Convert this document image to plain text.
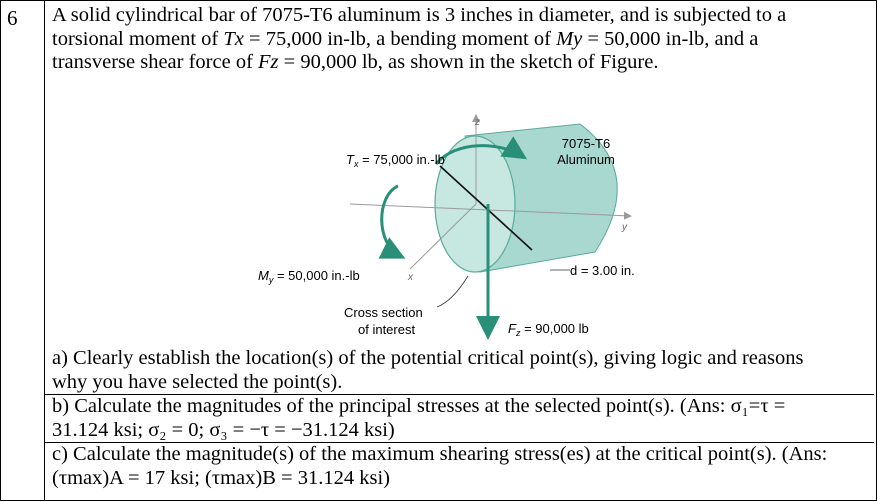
6 A solid cylindrical bar of 7075-T6 aluminum is 3 inches in diameter, and is subjected to a
torsional moment of Tx = 75,000 in-lb, a bending moment of My = 50,000 in-lb, and a
transverse shear force of Fz = 90,000 lb, as shown in the sketch of Figure.
z
y
x
$T_x = 75,000$ in.-lb
7075-T6
Aluminum
$M_y = 50,000$ in.-lb	d = 3.00 in.
Cross section
of interest	$F_z = 90,000$ lb

a) Clearly establish the location(s) of the potential critical point(s), giving logic and reasons

why you have selected the point(s).

b) Calculate the magnitudes of the principal stresses at the selected point(s). (Ans: σ₁=τ =

31.124 ksi; σ₂ = 0; σ₃ = −τ = −31.124 ksi)

c) Calculate the magnitude(s) of the maximum shearing stress(es) at the critical point(s). (Ans:

(τmax)A = 17 ksi; (τmax)B = 31.124 ksi)
